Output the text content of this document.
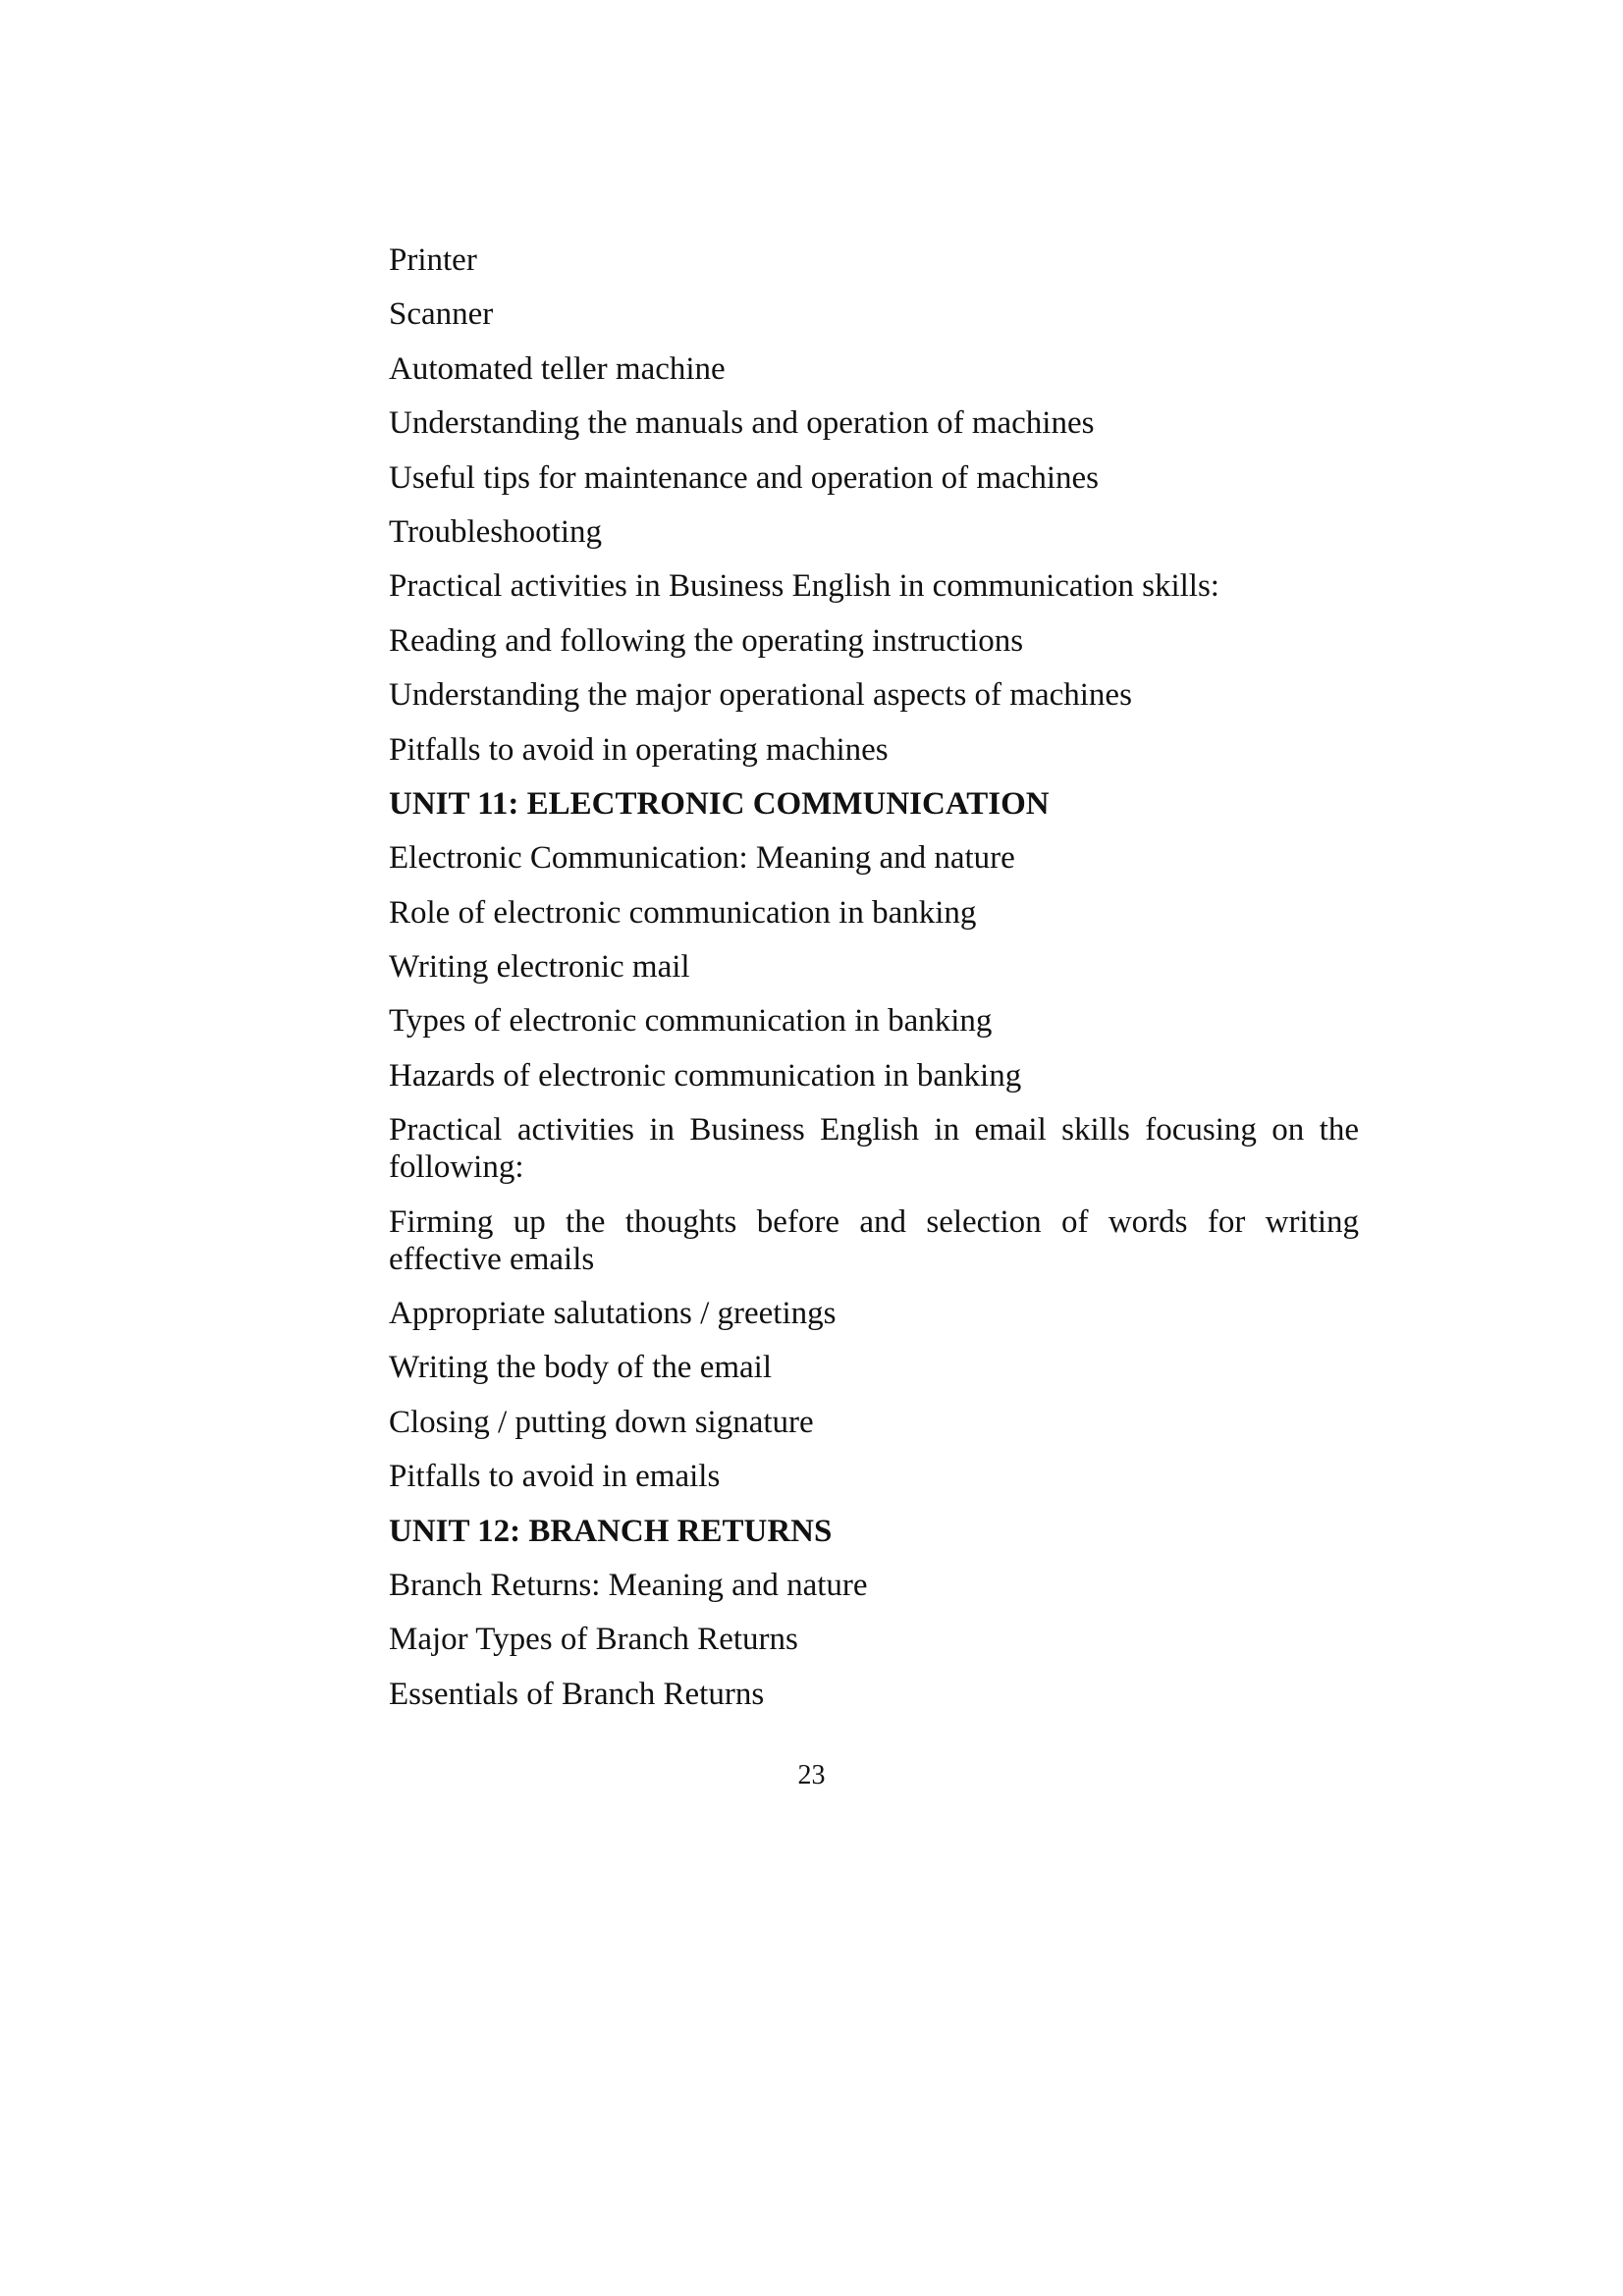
Printer
Scanner
Automated teller machine
Understanding the manuals and operation of machines
Useful tips for maintenance and operation of machines
Troubleshooting
Practical activities in Business English in communication skills:
Reading and following the operating instructions
Understanding the major operational aspects of machines
Pitfalls to avoid in operating machines
UNIT 11: ELECTRONIC COMMUNICATION
Electronic Communication: Meaning and nature
Role of electronic communication in banking
Writing electronic mail
Types of electronic communication in banking
Hazards of electronic communication in banking
Practical activities in Business English in email skills focusing on the following:
Firming up the thoughts before and selection of words for writing effective emails
Appropriate salutations / greetings
Writing the body of the email
Closing / putting down signature
Pitfalls to avoid in emails
UNIT 12: BRANCH RETURNS
Branch Returns: Meaning and nature
Major Types of Branch Returns
Essentials of Branch Returns
23
